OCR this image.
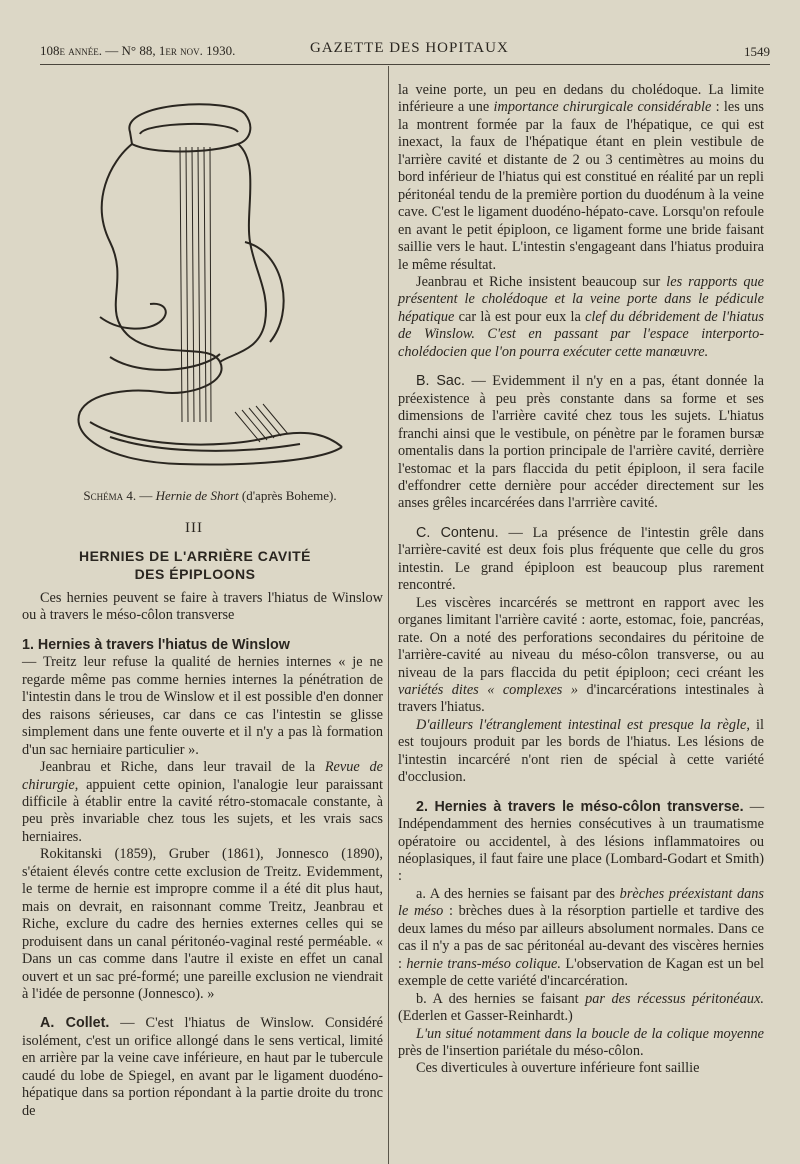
108e année. — N° 88, 1er nov. 1930.	GAZETTE DES HOPITAUX	1549
Schéma 4. — Hernie de Short (d'après Boheme).
III
HERNIES DE L'ARRIÈRE CAVITÉ
DES ÉPIPLOONS

Ces hernies peuvent se faire à travers l'hiatus de Winslow ou à travers le méso-côlon transverse

1. Hernies à travers l'hiatus de Winslow

— Treitz leur refuse la qualité de hernies internes « je ne regarde même pas comme hernies internes la pénétration de l'intestin dans le trou de Winslow et il est possible d'en donner des raisons sérieuses, car dans ce cas l'intestin se glisse simplement dans une fente ouverte et il n'y a pas là formation d'un sac herniaire particulier ».

Jeanbrau et Riche, dans leur travail de la Revue de chirurgie, appuient cette opinion, l'analogie leur paraissant difficile à établir entre la cavité rétro-stomacale constante, à peu près invariable chez tous les sujets, et les vrais sacs herniaires.

Rokitanski (1859), Gruber (1861), Jonnesco (1890), s'étaient élevés contre cette exclusion de Treitz. Evidemment, le terme de hernie est impropre comme il a été dit plus haut, mais on devrait, en raisonnant comme Treitz, Jeanbrau et Riche, exclure du cadre des hernies externes celles qui se produisent dans un canal péritonéo-vaginal resté perméable. « Dans un cas comme dans l'autre il existe en effet un canal ouvert et un sac pré-formé; une pareille exclusion ne viendrait à l'idée de personne (Jonnesco). »

A. Collet. — C'est l'hiatus de Winslow. Considéré isolément, c'est un orifice allongé dans le sens vertical, limité en arrière par la veine cave inférieure, en haut par le tubercule caudé du lobe de Spiegel, en avant par le ligament duodéno-hépatique dans sa portion répondant à la partie droite du tronc de

la veine porte, un peu en dedans du cholédoque. La limite inférieure a une importance chirurgicale considérable : les uns la montrent formée par la faux de l'hépatique, ce qui est inexact, la faux de l'hépatique étant en plein vestibule de l'arrière cavité et distante de 2 ou 3 centimètres au moins du bord inférieur de l'hiatus qui est constitué en réalité par un repli péritonéal tendu de la première portion du duodénum à la veine cave. C'est le ligament duodéno-hépato-cave. Lorsqu'on refoule en avant le petit épiploon, ce ligament forme une bride faisant saillie vers le haut. L'intestin s'engageant dans l'hiatus produira le même résultat.

Jeanbrau et Riche insistent beaucoup sur les rapports que présentent le cholédoque et la veine porte dans le pédicule hépatique car là est pour eux la clef du débridement de l'hiatus de Winslow. C'est en passant par l'espace interporto-cholédocien que l'on pourra exécuter cette manœuvre.

B. Sac. — Evidemment il n'y en a pas, étant donnée la préexistence à peu près constante dans sa forme et ses dimensions de l'arrière cavité chez tous les sujets. L'hiatus franchi ainsi que le vestibule, on pénètre par le foramen bursæ omentalis dans la portion principale de l'arrière cavité, derrière l'estomac et la pars flaccida du petit épiploon, il sera facile d'effondrer cette dernière pour accéder directement sur les anses grêles incarcérées dans l'arrrière cavité.

C. Contenu. — La présence de l'intestin grêle dans l'arrière-cavité est deux fois plus fréquente que celle du gros intestin. Le grand épiploon est beaucoup plus rarement rencontré.

Les viscères incarcérés se mettront en rapport avec les organes limitant l'arrière cavité : aorte, estomac, foie, pancréas, rate. On a noté des perforations secondaires du péritoine de l'arrière-cavité au niveau du méso-côlon transverse, ou au niveau de la pars flaccida du petit épiploon; ceci créant les variétés dites « complexes » d'incarcérations intestinales à travers l'hiatus.

D'ailleurs l'étranglement intestinal est presque la règle, il est toujours produit par les bords de l'hiatus. Les lésions de l'intestin incarcéré n'ont rien de spécial à cette variété d'occlusion.

2. Hernies à travers le méso-côlon transverse. — Indépendamment des hernies consécutives à un traumatisme opératoire ou accidentel, à des lésions inflammatoires ou néoplasiques, il faut faire une place (Lombard-Godart et Smith) :

a. A des hernies se faisant par des brèches préexistant dans le méso : brèches dues à la résorption partielle et tardive des deux lames du méso par ailleurs absolument normales. Dans ce cas il n'y a pas de sac péritonéal au-devant des viscères hernies : hernie trans-méso colique. L'observation de Kagan est un bel exemple de cette variété d'incarcération.

b. A des hernies se faisant par des récessus péritonéaux. (Ederlen et Gasser-Reinhardt.)

L'un situé notamment dans la boucle de la colique moyenne près de l'insertion pariétale du méso-côlon.

Ces diverticules à ouverture inférieure font saillie
